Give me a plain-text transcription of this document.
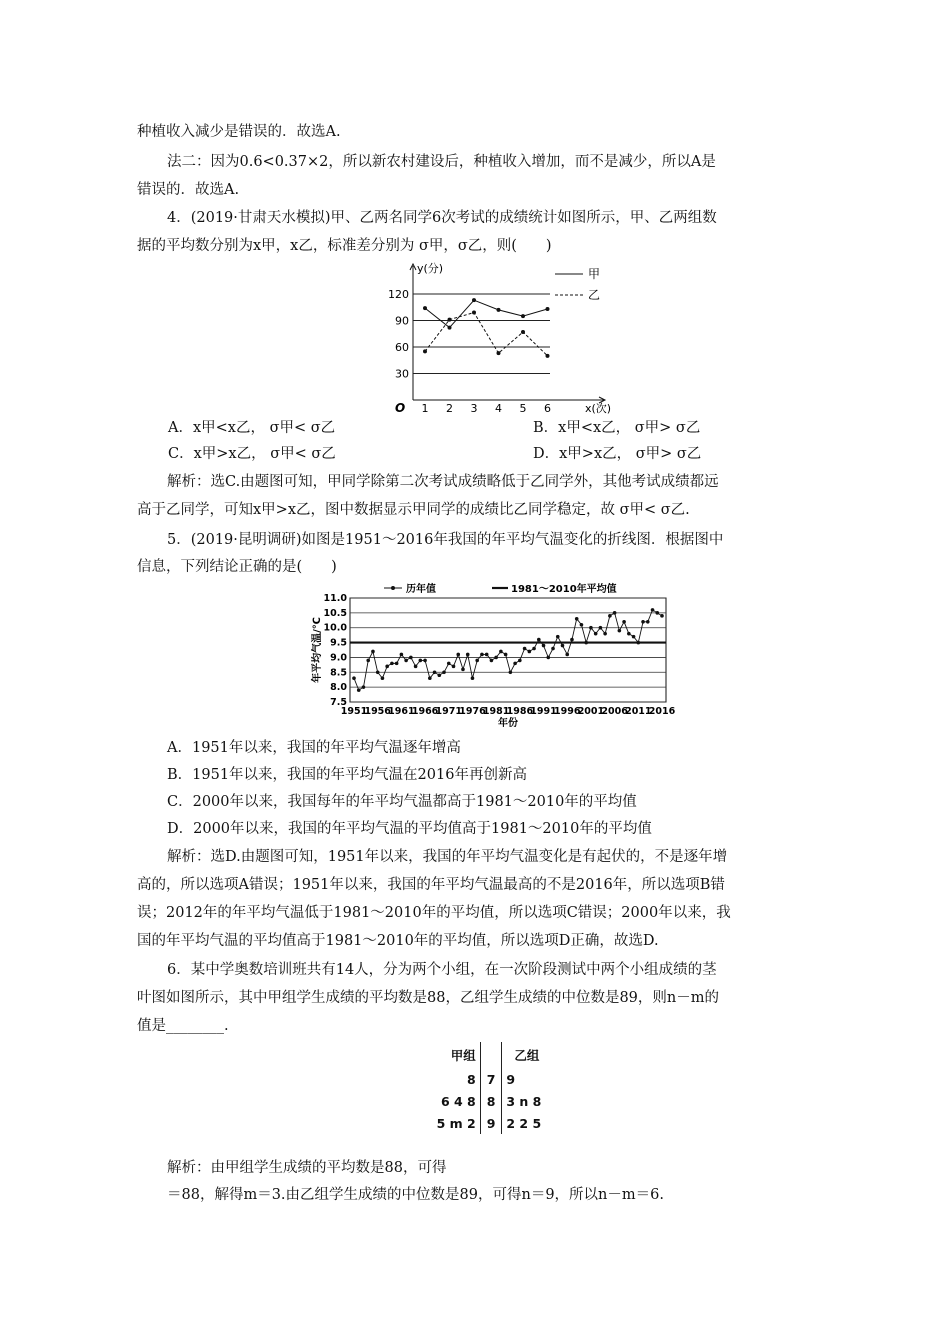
种植收入减少是错误的．故选A.
法二：因为0.6<0.37×2，所以新农村建设后，种植收入增加，而不是减少，所以A是
错误的．故选A.
4．(2019·甘肃天水模拟)甲、乙两名同学6次考试的成绩统计如图所示，甲、乙两组数
据的平均数分别为x甲，x乙，标准差分别为 σ甲，σ乙，则(　　)
y(分)
x(次)
O
30
60
90
120
1 2 3 4 5 6
甲
乙
A．x甲<x乙， σ甲< σ乙	B．x甲<x乙， σ甲> σ乙
C．x甲>x乙， σ甲< σ乙	D．x甲>x乙， σ甲> σ乙
解析：选C.由题图可知，甲同学除第二次考试成绩略低于乙同学外，其他考试成绩都远
高于乙同学，可知x甲>x乙，图中数据显示甲同学的成绩比乙同学稳定，故 σ甲< σ乙.
5．(2019·昆明调研)如图是1951～2016年我国的年平均气温变化的折线图．根据图中
信息，下列结论正确的是(　　)
7.5
8.0
8.5
9.0
9.5
10.0
10.5
11.0
1951
1956
1961
1966
1971
1976
1981
1986
1991
1996
2001
2006
2011
2016
年份
年平均气温/℃
历年值	1981～2010年平均值
A．1951年以来，我国的年平均气温逐年增高
B．1951年以来，我国的年平均气温在2016年再创新高
C．2000年以来，我国每年的年平均气温都高于1981～2010年的平均值
D．2000年以来，我国的年平均气温的平均值高于1981～2010年的平均值
解析：选D.由题图可知，1951年以来，我国的年平均气温变化是有起伏的，不是逐年增
高的，所以选项A错误；1951年以来，我国的年平均气温最高的不是2016年，所以选项B错
误；2012年的年平均气温低于1981～2010年的平均值，所以选项C错误；2000年以来，我
国的年平均气温的平均值高于1981～2010年的平均值，所以选项D正确，故选D.
6．某中学奥数培训班共有14人，分为两个小组，在一次阶段测试中两个小组成绩的茎
叶图如图所示，其中甲组学生成绩的平均数是88，乙组学生成绩的中位数是89，则n－m的
值是________.
甲组		乙组
8	7	9
6 4 8	8	3 n 8
5 m 2	9	2 2 5
解析：由甲组学生成绩的平均数是88，可得
＝88，解得m＝3.由乙组学生成绩的中位数是89，可得n＝9，所以n－m＝6.
